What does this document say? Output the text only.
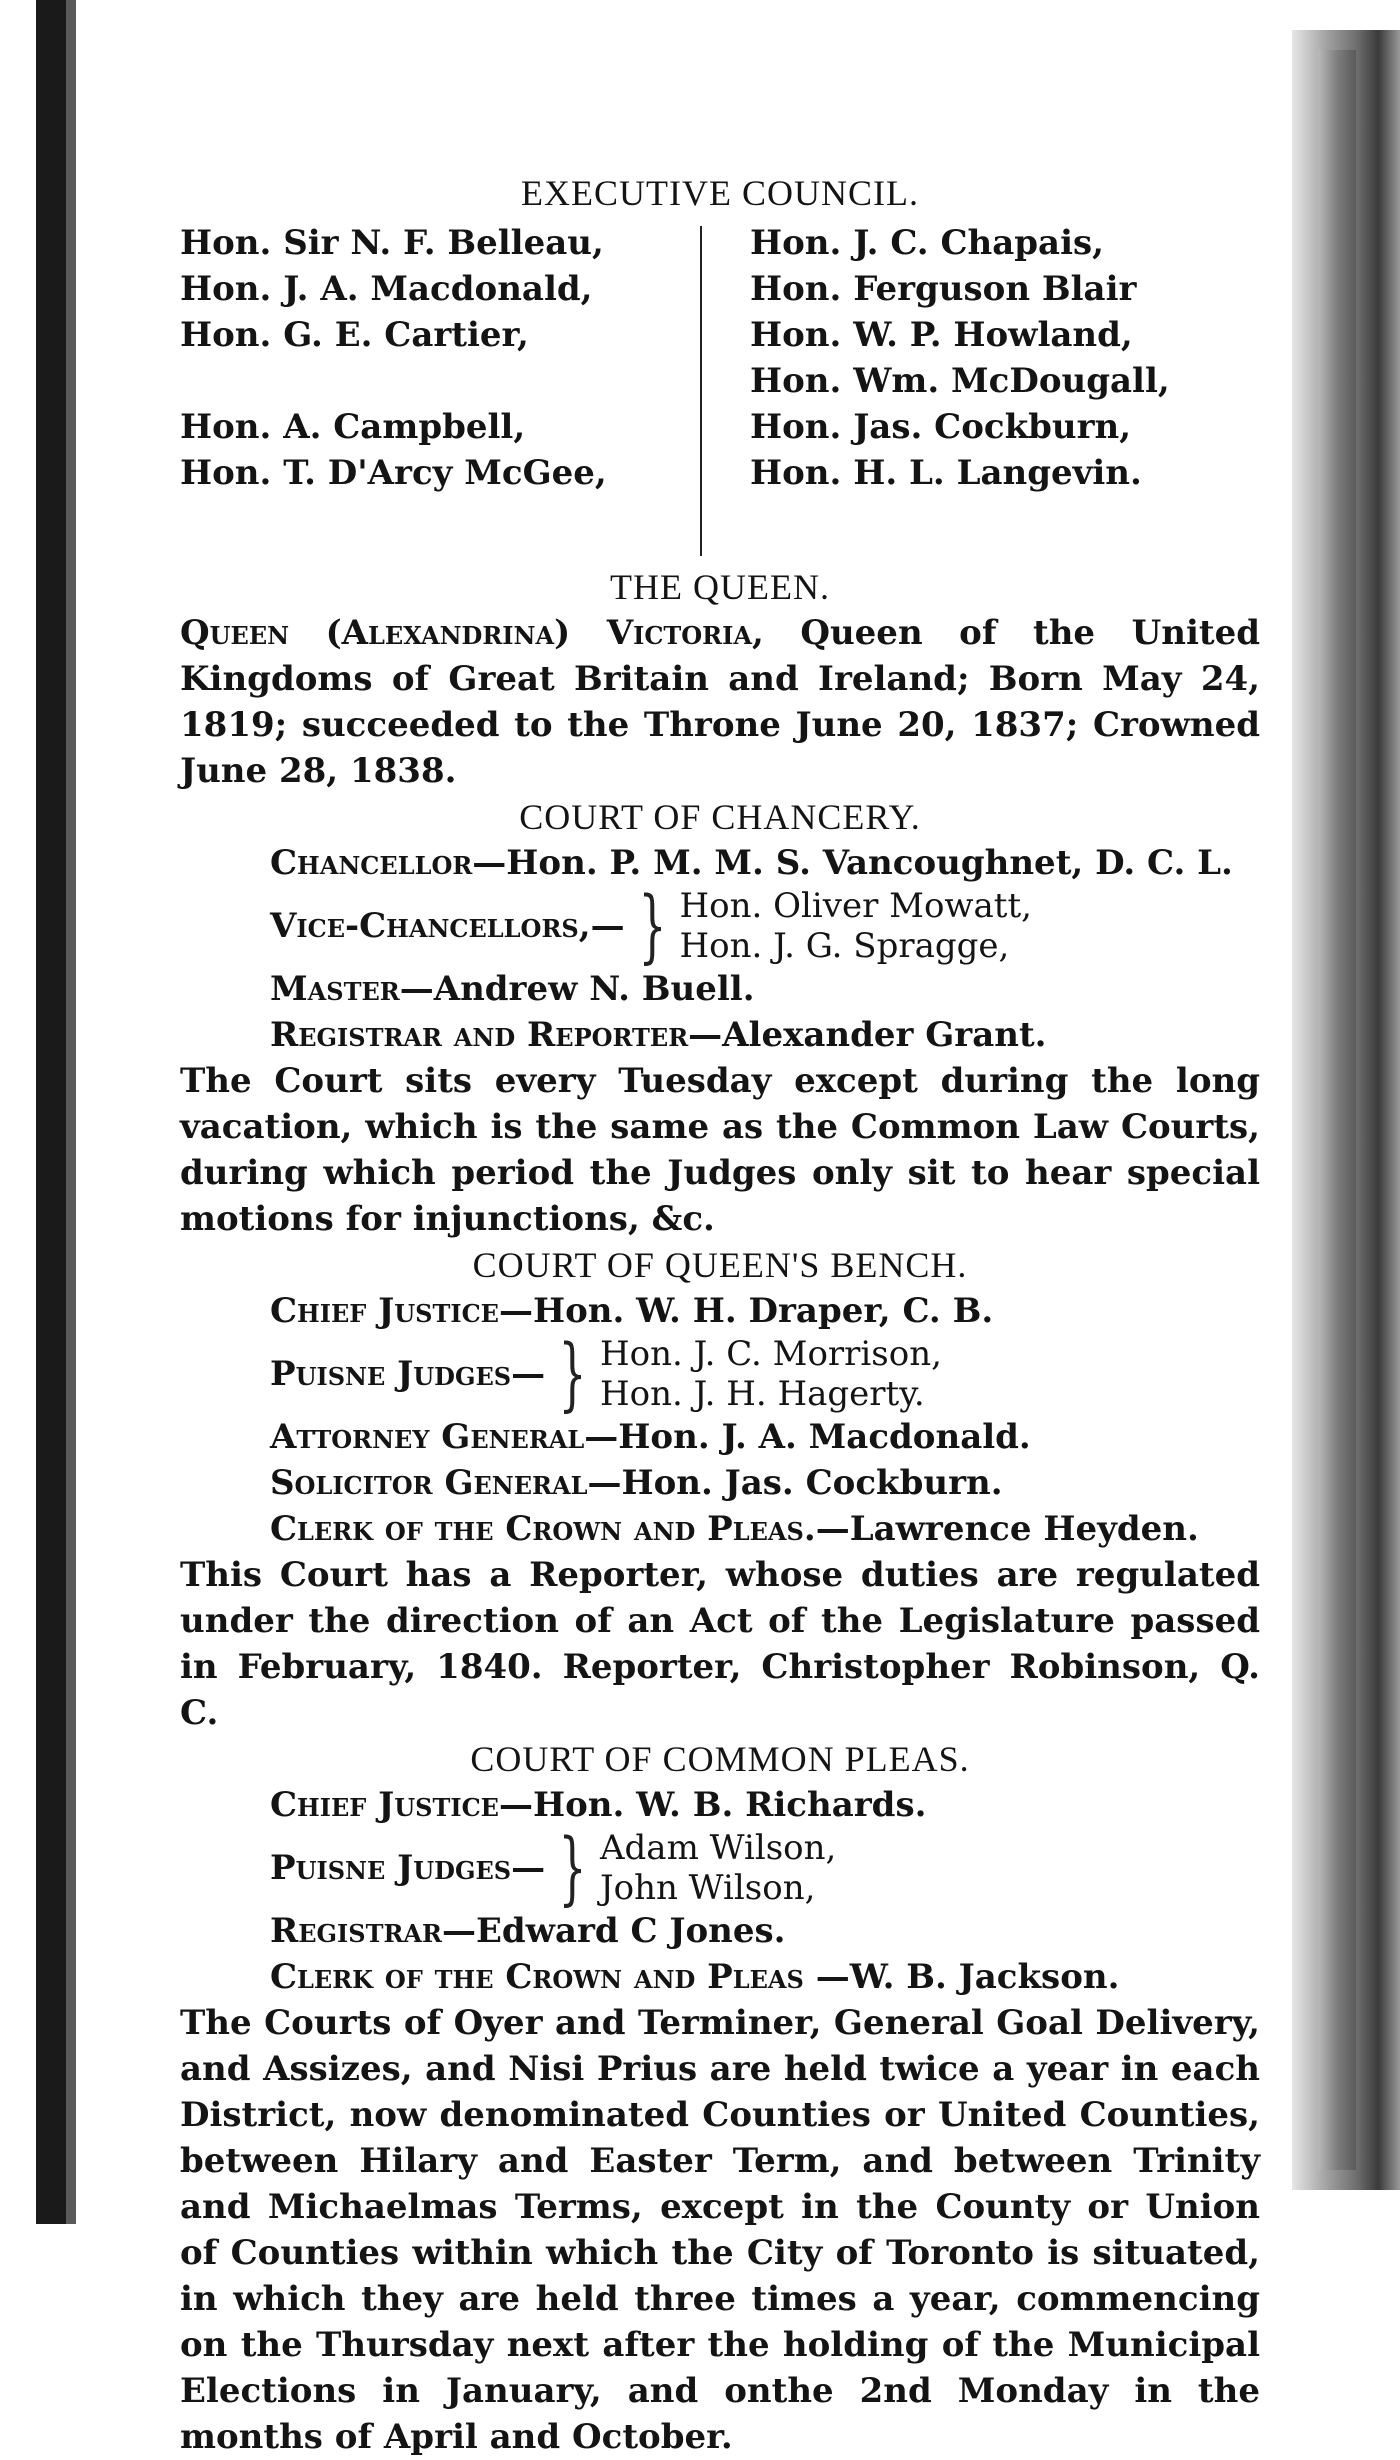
EXECUTIVE COUNCIL.
Hon. Sir N. F. Belleau,
Hon. J. A. Macdonald,
Hon. G. E. Cartier,
Hon. A. Campbell,
Hon. T. D'Arcy McGee,
Hon. J. C. Chapais,
Hon. Ferguson Blair
Hon. W. P. Howland,
Hon. Wm. McDougall,
Hon. Jas. Cockburn,
Hon. H. L. Langevin.
THE QUEEN.
Queen (Alexandrina) Victoria, Queen of the United Kingdoms of Great Britain and Ireland; Born May 24, 1819; succeeded to the Throne June 20, 1837; Crowned June 28, 1838.
COURT OF CHANCERY.
Chancellor—Hon. P. M. M. S. Vancoughnet, D. C. L.
Vice-Chancellors,— } Hon. Oliver Mowatt,
Hon. J. G. Spragge,
Master—Andrew N. Buell.
Registrar and Reporter—Alexander Grant.
The Court sits every Tuesday except during the long vacation, which is the same as the Common Law Courts, during which period the Judges only sit to hear special motions for injunctions, &c.
COURT OF QUEEN'S BENCH.
Chief Justice—Hon. W. H. Draper, C. B.
Puisne Judges— } Hon. J. C. Morrison,
Hon. J. H. Hagerty.
Attorney General—Hon. J. A. Macdonald.
Solicitor General—Hon. Jas. Cockburn.
Clerk of the Crown and Pleas.—Lawrence Heyden.
This Court has a Reporter, whose duties are regulated under the direction of an Act of the Legislature passed in February, 1840. Reporter, Christopher Robinson, Q. C.
COURT OF COMMON PLEAS.
Chief Justice—Hon. W. B. Richards.
Puisne Judges— } Adam Wilson,
John Wilson,
Registrar—Edward C Jones.
Clerk of the Crown and Pleas —W. B. Jackson.
The Courts of Oyer and Terminer, General Goal Delivery, and Assizes, and Nisi Prius are held twice a year in each District, now denominated Counties or United Counties, between Hilary and Easter Term, and between Trinity and Michaelmas Terms, except in the County or Union of Counties within which the City of Toronto is situated, in which they are held three times a year, commencing on the Thursday next after the holding of the Municipal Elections in January, and onthe 2nd Monday in the months of April and October.
